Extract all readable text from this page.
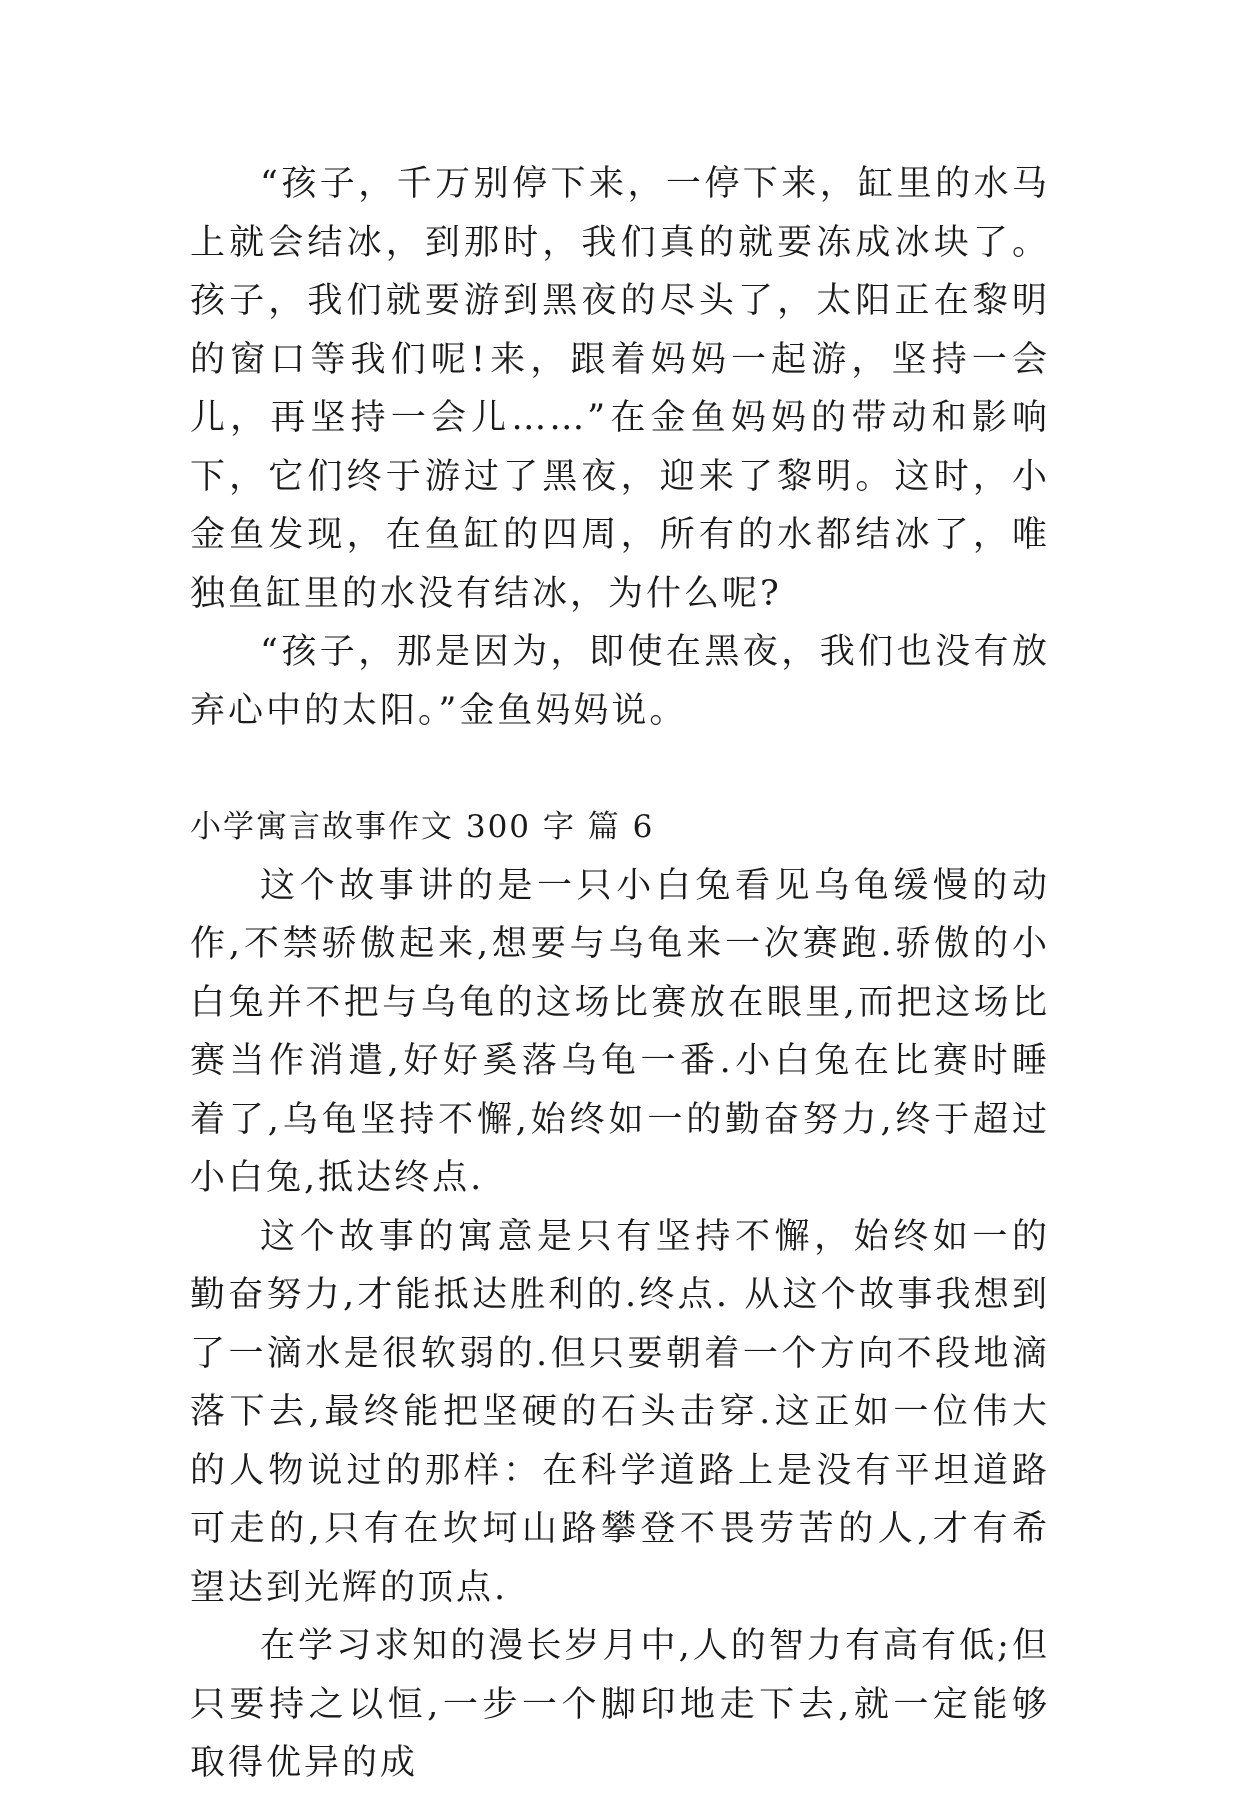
“孩子，千万别停下来，一停下来，缸里的水马上就会结冰，到那时，我们真的就要冻成冰块了。孩子，我们就要游到黑夜的尽头了，太阳正在黎明的窗口等我们呢!来，跟着妈妈一起游，坚持一会儿，再坚持一会儿……”在金鱼妈妈的带动和影响下，它们终于游过了黑夜，迎来了黎明。这时，小金鱼发现，在鱼缸的四周，所有的水都结冰了，唯独鱼缸里的水没有结冰，为什么呢?

“孩子，那是因为，即使在黑夜，我们也没有放弃心中的太阳。”金鱼妈妈说。

小学寓言故事作文 300 字 篇 6

这个故事讲的是一只小白兔看见乌龟缓慢的动作,不禁骄傲起来,想要与乌龟来一次赛跑.骄傲的小白兔并不把与乌龟的这场比赛放在眼里,而把这场比赛当作消遣,好好奚落乌龟一番.小白兔在比赛时睡着了,乌龟坚持不懈,始终如一的勤奋努力,终于超过小白兔,抵达终点.

这个故事的寓意是只有坚持不懈，始终如一的勤奋努力,才能抵达胜利的.终点. 从这个故事我想到了一滴水是很软弱的.但只要朝着一个方向不段地滴落下去,最终能把坚硬的石头击穿.这正如一位伟大的人物说过的那样：在科学道路上是没有平坦道路可走的,只有在坎坷山路攀登不畏劳苦的人,才有希望达到光辉的顶点.

在学习求知的漫长岁月中,人的智力有高有低;但只要持之以恒,一步一个脚印地走下去,就一定能够取得优异的成
